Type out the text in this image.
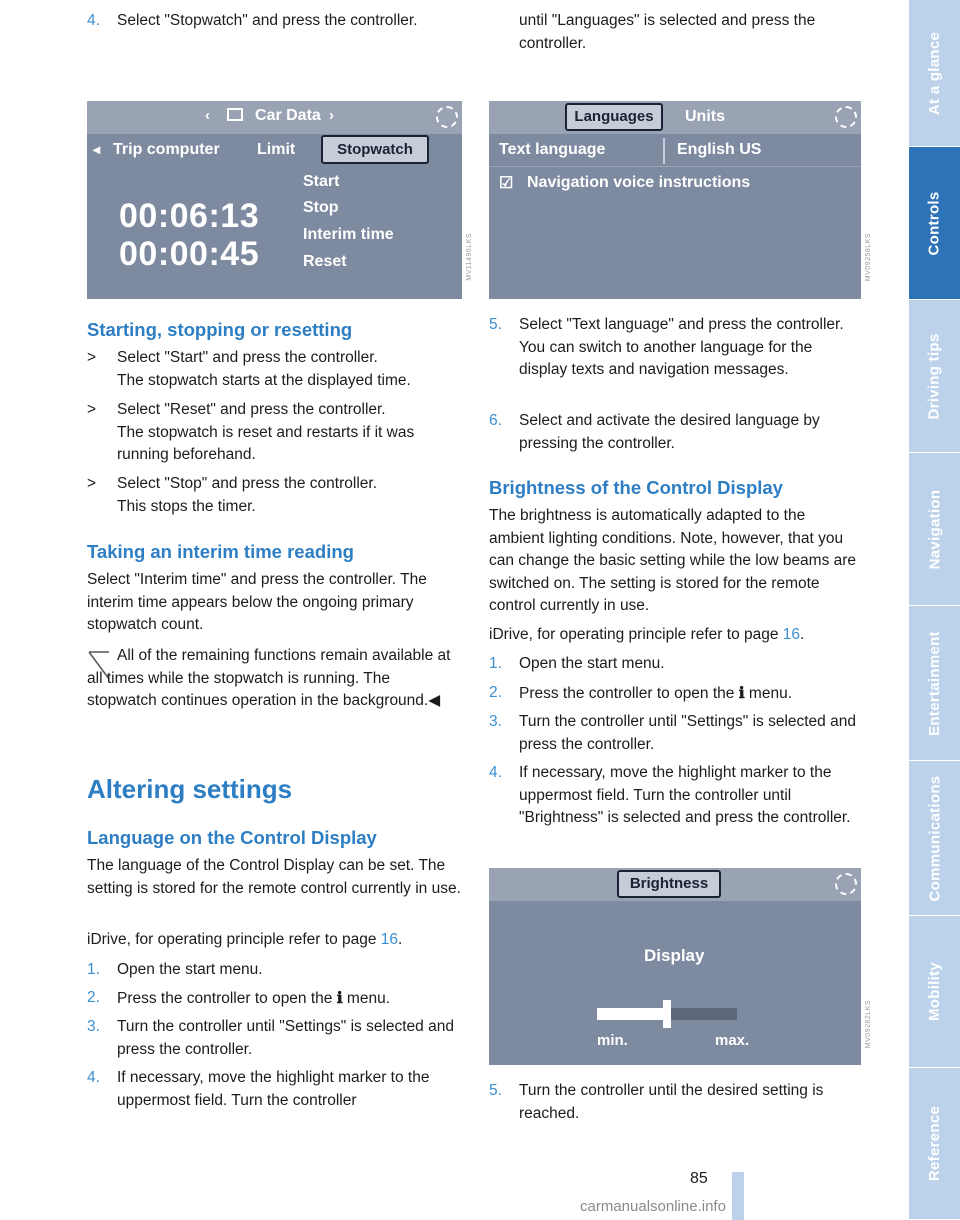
4. Select "Stopwatch" and press the controller.
‹	Car Data ›
◂ Trip computer Limit	Stopwatch
00:06:13
00:00:45
Start
Stop
Interim time
Reset	MV11496LKS
Starting, stopping or resetting
> Select "Start" and press the controller.
The stopwatch starts at the displayed time.
> Select "Reset" and press the controller.
The stopwatch is reset and restarts if it was running beforehand.
> Select "Stop" and press the controller.
This stops the timer.
Taking an interim time reading
Select "Interim time" and press the controller. The interim time appears below the ongoing primary stopwatch count.
All of the remaining functions remain available at all times while the stopwatch is running. The stopwatch continues operation in the background.◀
Altering settings
Language on the Control Display
The language of the Control Display can be set. The setting is stored for the remote control currently in use.
iDrive, for operating principle refer to page 16.
1. Open the start menu.
2. Press the controller to open the ℹ menu.
3. Turn the controller until "Settings" is selected and press the controller.
4. If necessary, move the highlight marker to the uppermost field. Turn the controller
until "Languages" is selected and press the controller.
Languages	Units
Text language	English US
☑ Navigation voice instructions
MV09258LKS
5. Select "Text language" and press the controller. You can switch to another language for the display texts and navigation messages.
6. Select and activate the desired language by pressing the controller.
Brightness of the Control Display
The brightness is automatically adapted to the ambient lighting conditions. Note, however, that you can change the basic setting while the low beams are switched on. The setting is stored for the remote control currently in use.
iDrive, for operating principle refer to page 16.
1. Open the start menu.
2. Press the controller to open the ℹ menu.
3. Turn the controller until "Settings" is selected and press the controller.
4. If necessary, move the highlight marker to the uppermost field. Turn the controller until "Brightness" is selected and press the controller.
Brightness
Display
min.	max.	MV09262LKS
5. Turn the controller until the desired setting is reached.
At a glance
Controls
Driving tips
Navigation
Entertainment
Communications
Mobility
Reference
85
carmanualsonline.info
